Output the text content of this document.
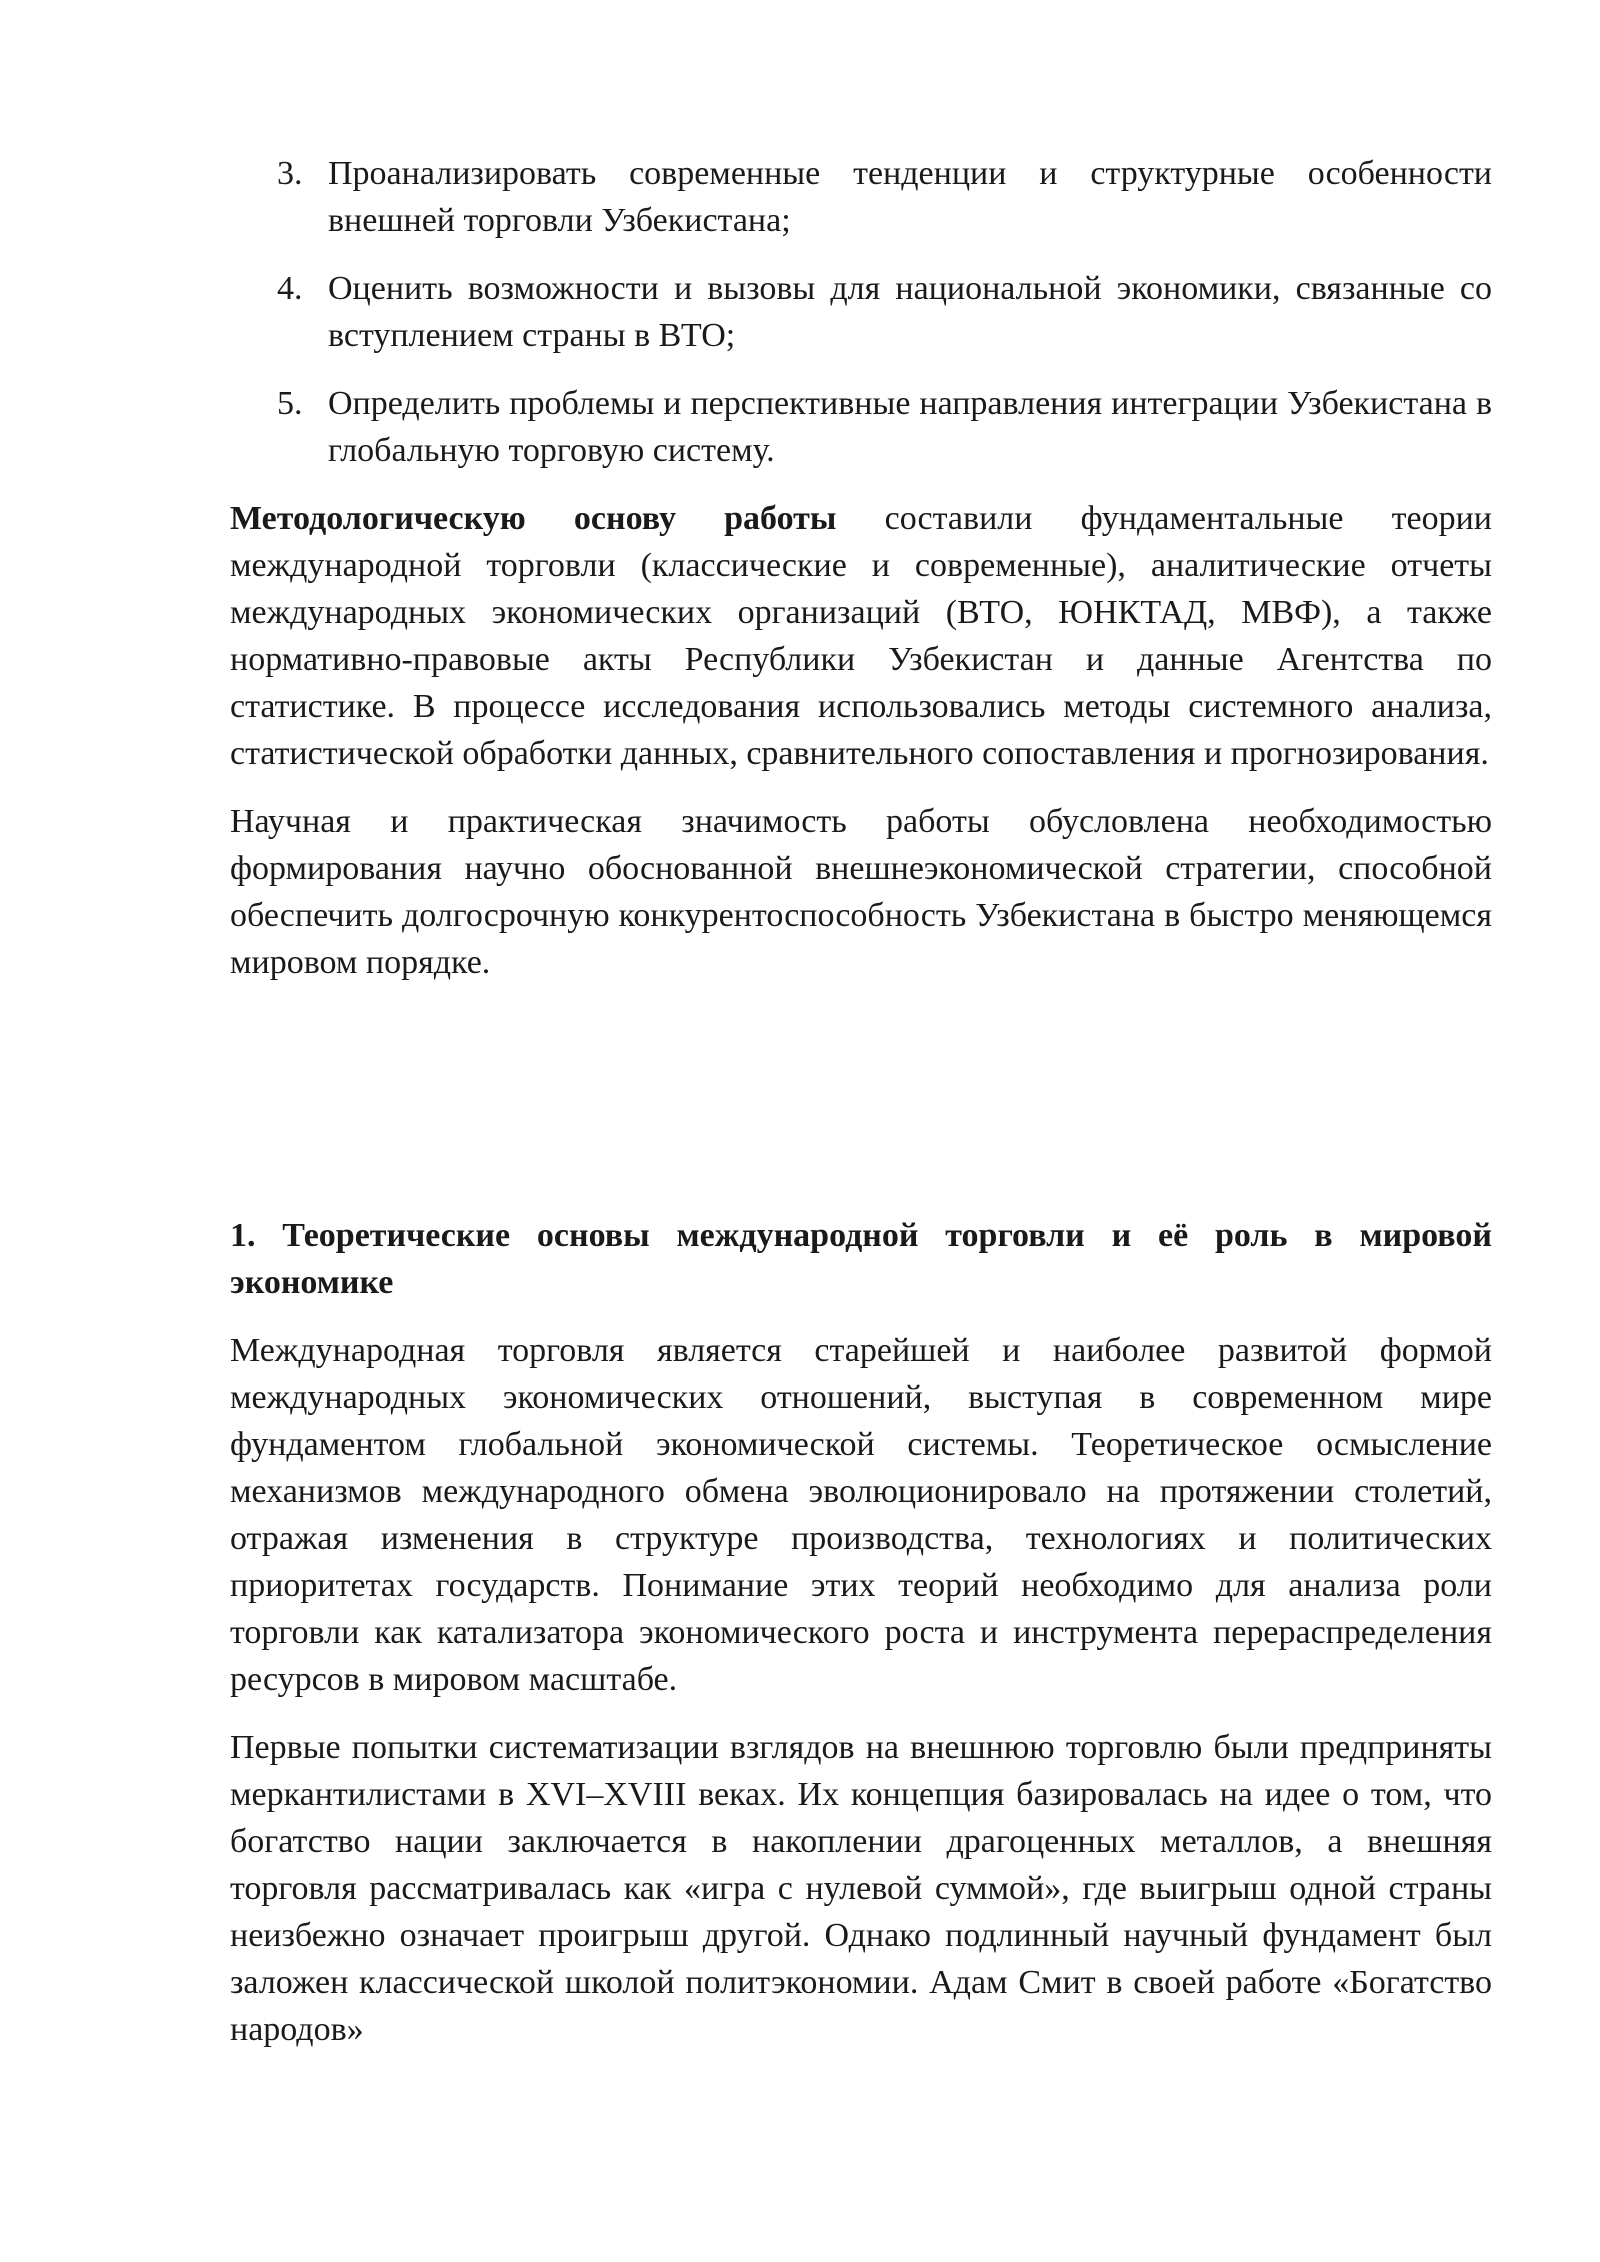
3. Проанализировать современные тенденции и структурные особенности внешней торговли Узбекистана;
4. Оценить возможности и вызовы для национальной экономики, связанные со вступлением страны в ВТО;
5. Определить проблемы и перспективные направления интеграции Узбекистана в глобальную торговую систему.

Методологическую основу работы составили фундаментальные теории международной торговли (классические и современные), аналитические отчеты международных экономических организаций (ВТО, ЮНКТАД, МВФ), а также нормативно-правовые акты Республики Узбекистан и данные Агентства по статистике. В процессе исследования использовались методы системного анализа, статистической обработки данных, сравнительного сопоставления и прогнозирования.

Научная и практическая значимость работы обусловлена необходимостью формирования научно обоснованной внешнеэкономической стратегии, способной обеспечить долгосрочную конкурентоспособность Узбекистана в быстро меняющемся мировом порядке.

1. Теоретические основы международной торговли и её роль в мировой экономике

Международная торговля является старейшей и наиболее развитой формой международных экономических отношений, выступая в современном мире фундаментом глобальной экономической системы. Теоретическое осмысление механизмов международного обмена эволюционировало на протяжении столетий, отражая изменения в структуре производства, технологиях и политических приоритетах государств. Понимание этих теорий необходимо для анализа роли торговли как катализатора экономического роста и инструмента перераспределения ресурсов в мировом масштабе.

Первые попытки систематизации взглядов на внешнюю торговлю были предприняты меркантилистами в XVI–XVIII веках. Их концепция базировалась на идее о том, что богатство нации заключается в накоплении драгоценных металлов, а внешняя торговля рассматривалась как «игра с нулевой суммой», где выигрыш одной страны неизбежно означает проигрыш другой. Однако подлинный научный фундамент был заложен классической школой политэкономии. Адам Смит в своей работе «Богатство народов»
